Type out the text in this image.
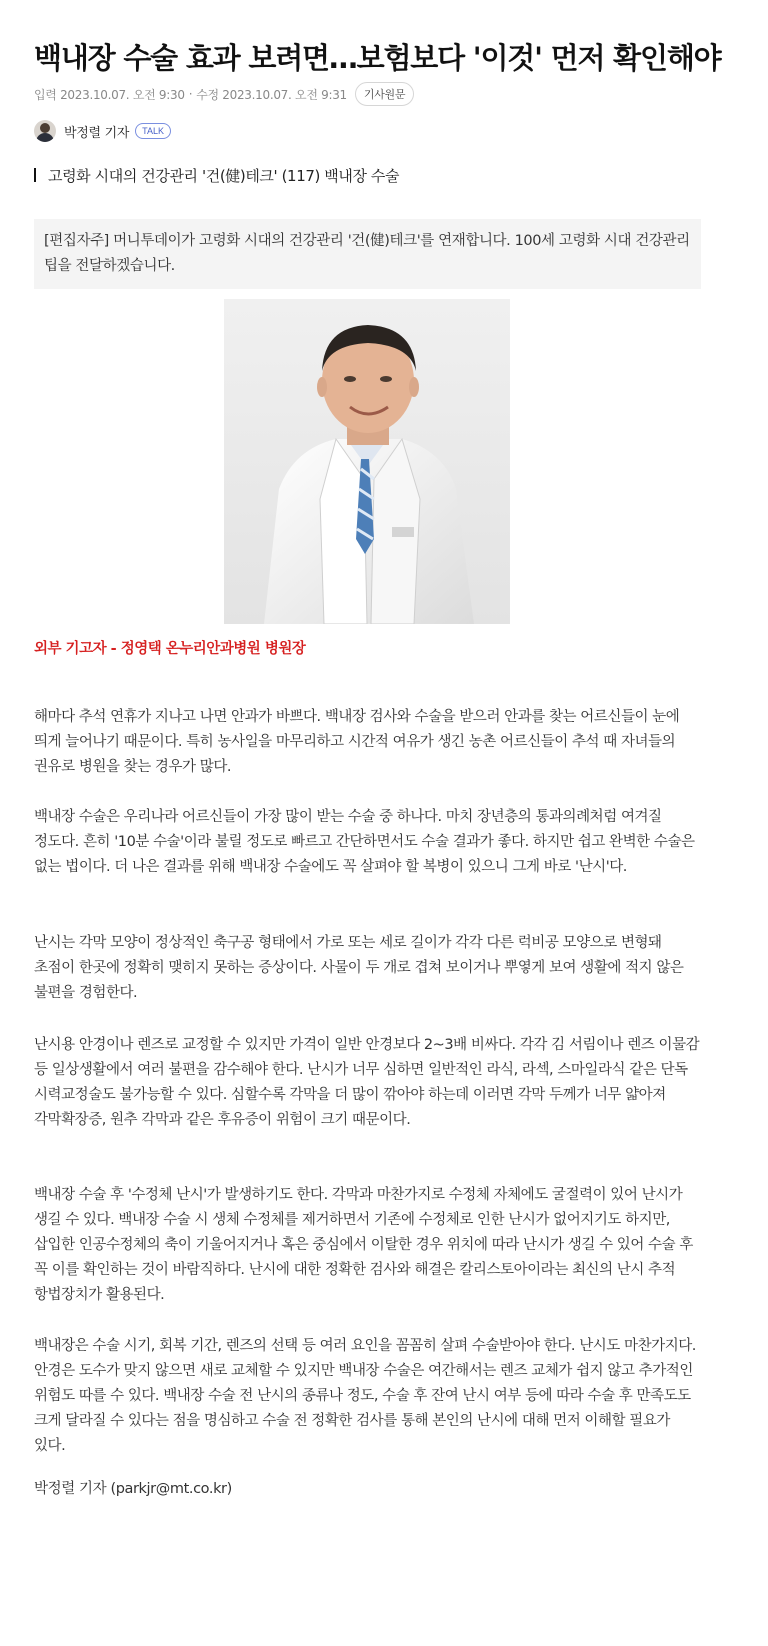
백내장 수술 효과 보려면…보험보다 '이것' 먼저 확인해야
입력 2023.10.07. 오전 9:30 · 수정 2023.10.07. 오전 9:31	기사원문
박정렬 기자	TALK
고령화 시대의 건강관리 '건(健)테크' (117) 백내장 수술
[편집자주] 머니투데이가 고령화 시대의 건강관리 '건(健)테크'를 연재합니다. 100세 고령화 시대 건강관리 팁을 전달하겠습니다.
외부 기고자 - 정영택 온누리안과병원 병원장

해마다 추석 연휴가 지나고 나면 안과가 바쁘다. 백내장 검사와 수술을 받으러 안과를 찾는 어르신들이 눈에 띄게 늘어나기 때문이다. 특히 농사일을 마무리하고 시간적 여유가 생긴 농촌 어르신들이 추석 때 자녀들의 권유로 병원을 찾는 경우가 많다.

백내장 수술은 우리나라 어르신들이 가장 많이 받는 수술 중 하나다. 마치 장년층의 통과의례처럼 여겨질 정도다. 흔히 '10분 수술'이라 불릴 정도로 빠르고 간단하면서도 수술 결과가 좋다. 하지만 쉽고 완벽한 수술은 없는 법이다. 더 나은 결과를 위해 백내장 수술에도 꼭 살펴야 할 복병이 있으니 그게 바로 '난시'다.

난시는 각막 모양이 정상적인 축구공 형태에서 가로 또는 세로 길이가 각각 다른 럭비공 모양으로 변형돼 초점이 한곳에 정확히 맺히지 못하는 증상이다. 사물이 두 개로 겹쳐 보이거나 뿌옇게 보여 생활에 적지 않은 불편을 경험한다.

난시용 안경이나 렌즈로 교정할 수 있지만 가격이 일반 안경보다 2~3배 비싸다. 각각 김 서림이나 렌즈 이물감 등 일상생활에서 여러 불편을 감수해야 한다. 난시가 너무 심하면 일반적인 라식, 라섹, 스마일라식 같은 단독 시력교정술도 불가능할 수 있다. 심할수록 각막을 더 많이 깎아야 하는데 이러면 각막 두께가 너무 얇아져 각막확장증, 원추 각막과 같은 후유증이 위험이 크기 때문이다.

백내장 수술 후 '수정체 난시'가 발생하기도 한다. 각막과 마찬가지로 수정체 자체에도 굴절력이 있어 난시가 생길 수 있다. 백내장 수술 시 생체 수정체를 제거하면서 기존에 수정체로 인한 난시가 없어지기도 하지만, 삽입한 인공수정체의 축이 기울어지거나 혹은 중심에서 이탈한 경우 위치에 따라 난시가 생길 수 있어 수술 후 꼭 이를 확인하는 것이 바람직하다. 난시에 대한 정확한 검사와 해결은 칼리스토아이라는 최신의 난시 추적 항법장치가 활용된다.

백내장은 수술 시기, 회복 기간, 렌즈의 선택 등 여러 요인을 꼼꼼히 살펴 수술받아야 한다. 난시도 마찬가지다. 안경은 도수가 맞지 않으면 새로 교체할 수 있지만 백내장 수술은 여간해서는 렌즈 교체가 쉽지 않고 추가적인 위험도 따를 수 있다. 백내장 수술 전 난시의 종류나 정도, 수술 후 잔여 난시 여부 등에 따라 수술 후 만족도도 크게 달라질 수 있다는 점을 명심하고 수술 전 정확한 검사를 통해 본인의 난시에 대해 먼저 이해할 필요가 있다.

박정렬 기자 (parkjr@mt.co.kr)
